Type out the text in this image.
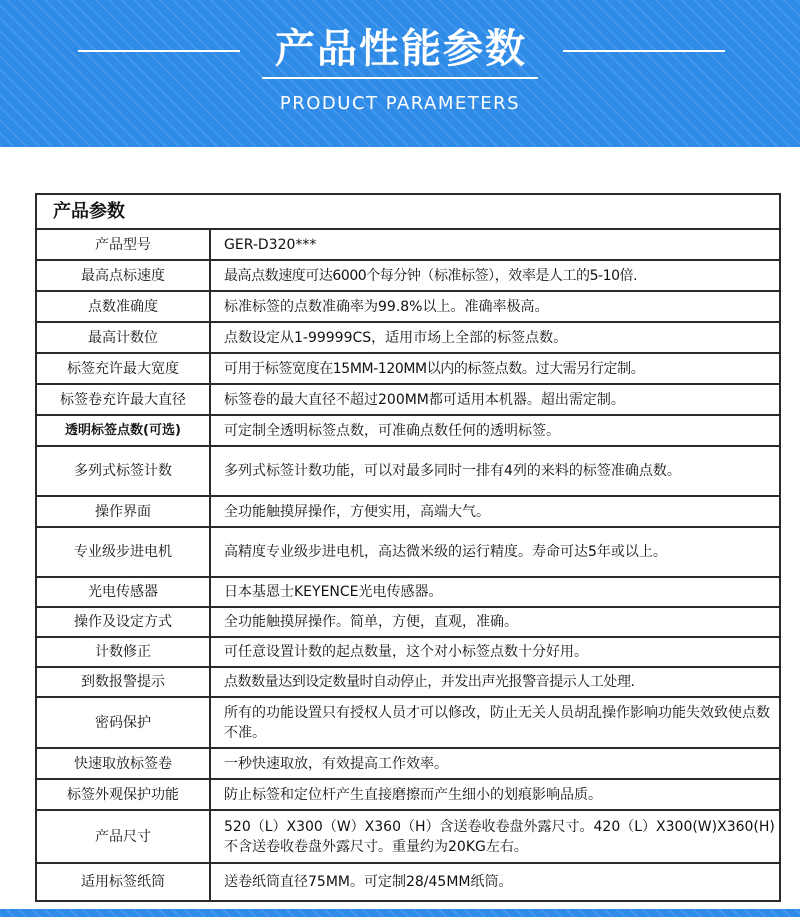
产品性能参数
PRODUCT PARAMETERS
产品参数	
产品型号	GER-D320***
最高点标速度	最高点数速度可达6000个每分钟（标准标签），效率是人工的5-10倍.
点数准确度	标准标签的点数准确率为99.8%以上。准确率极高。
最高计数位	点数设定从1-99999CS，适用市场上全部的标签点数。
标签充许最大宽度	可用于标签宽度在15MM-120MM以内的标签点数。过大需另行定制。
标签卷充许最大直径	标签卷的最大直径不超过200MM都可适用本机器。超出需定制。
透明标签点数(可选)	可定制全透明标签点数，可准确点数任何的透明标签。
多列式标签计数	多列式标签计数功能，可以对最多同时一排有4列的来料的标签准确点数。
操作界面	全功能触摸屏操作，方便实用，高端大气。
专业级步进电机	高精度专业级步进电机，高达微米级的运行精度。寿命可达5年或以上。
光电传感器	日本基恩士KEYENCE光电传感器。
操作及设定方式	全功能触摸屏操作。简单，方便，直观，准确。
计数修正	可任意设置计数的起点数量，这个对小标签点数十分好用。
到数报警提示	点数数量达到设定数量时自动停止，并发出声光报警音提示人工处理.
密码保护	所有的功能设置只有授权人员才可以修改，防止无关人员胡乱操作影响功能失效致使点数不准。
快速取放标签卷	一秒快速取放，有效提高工作效率。
标签外观保护功能	防止标签和定位杆产生直接磨擦而产生细小的划痕影响品质。
产品尺寸	520（L）X300（W）X360（H）含送卷收卷盘外露尺寸。420（L）X300(W)X360(H)不含送卷收卷盘外露尺寸。重量约为20KG左右。
适用标签纸筒	送卷纸筒直径75MM。可定制28/45MM纸筒。
